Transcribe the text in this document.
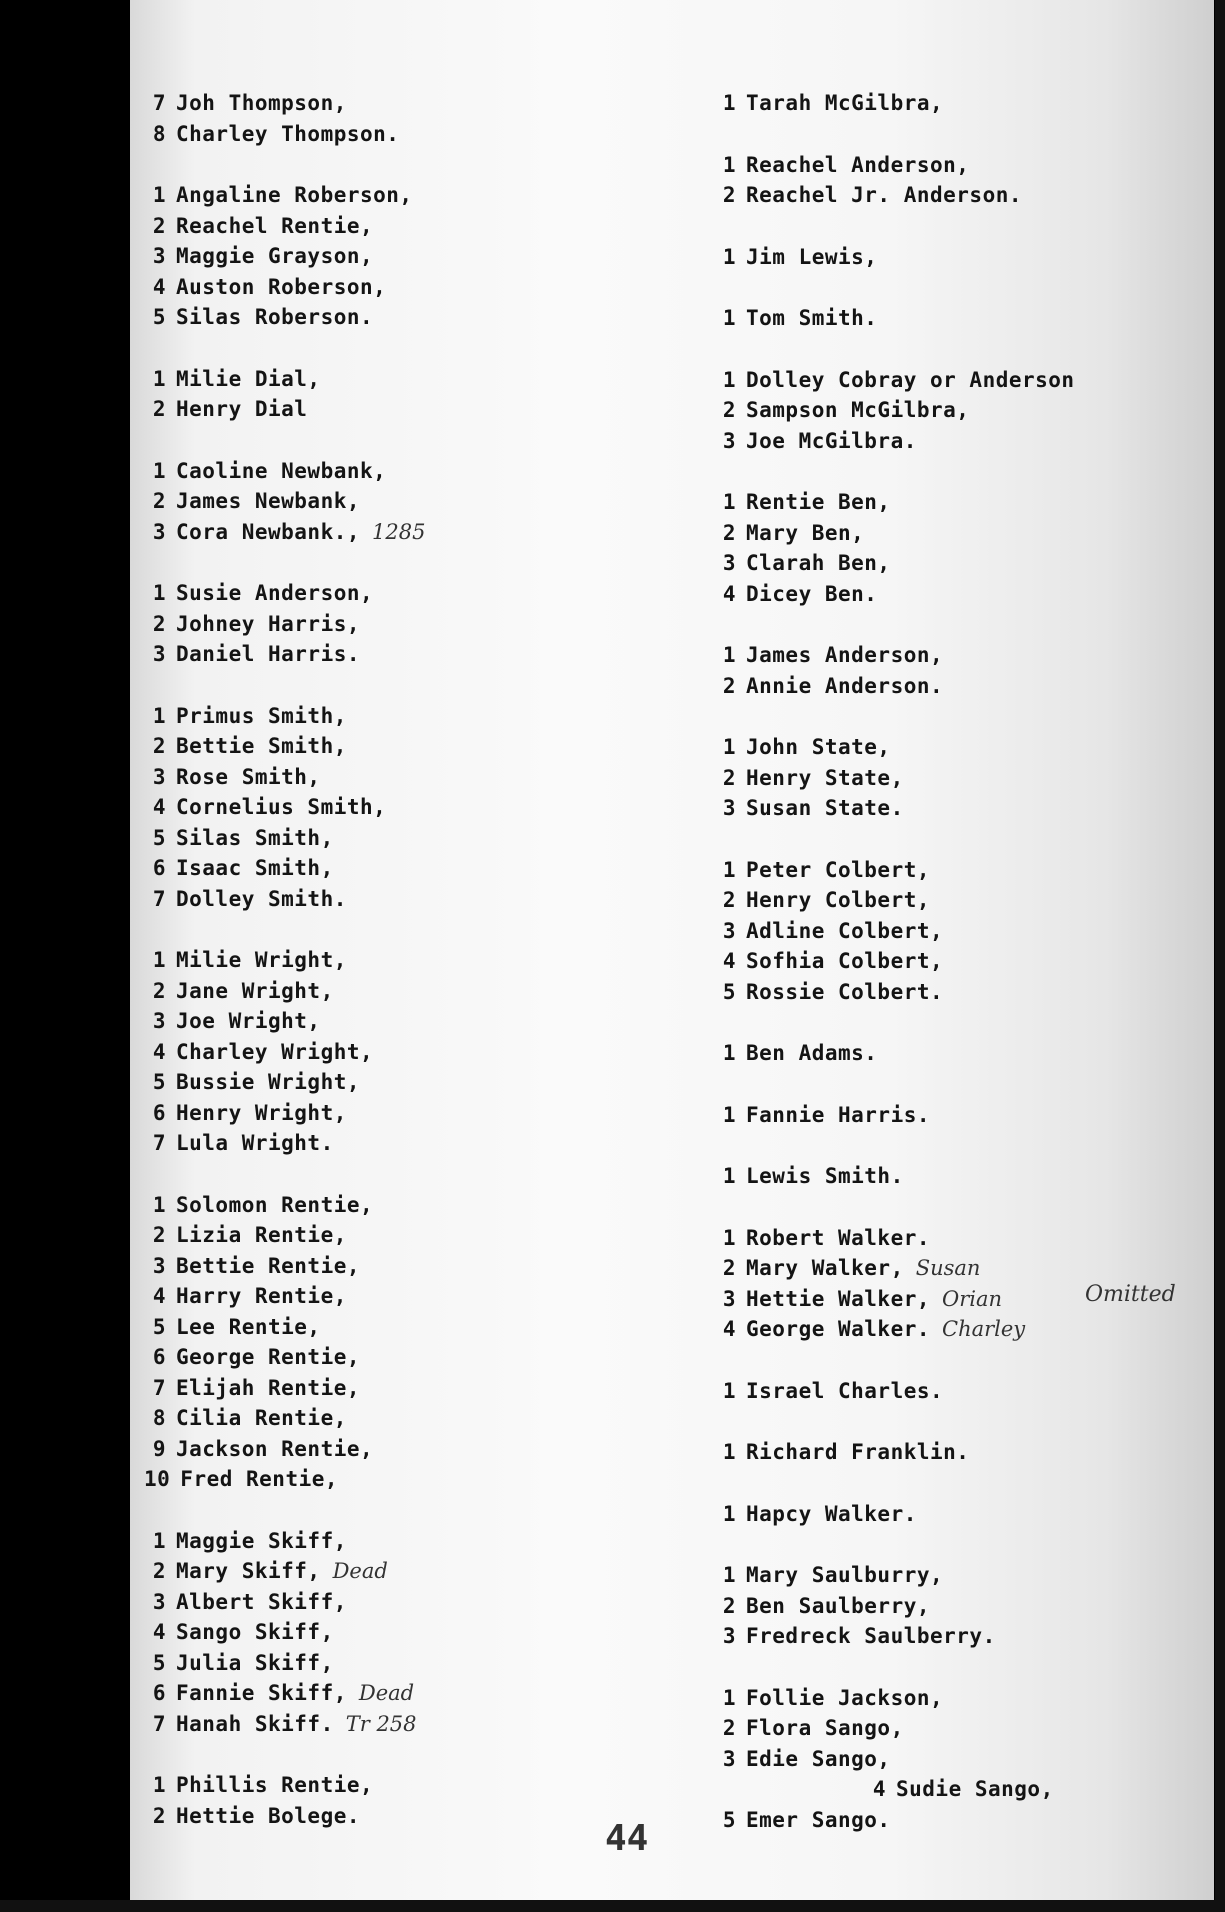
7 Joh Thompson,
8 Charley Thompson.
1 Angaline Roberson,
2 Reachel Rentie,
3 Maggie Grayson,
4 Auston Roberson,
5 Silas Roberson.
1 Milie Dial,
2 Henry Dial
1 Caoline Newbank,
2 James Newbank,
3 Cora Newbank., 1285
1 Susie Anderson,
2 Johney Harris,
3 Daniel Harris.
1 Primus Smith,
2 Bettie Smith,
3 Rose Smith,
4 Cornelius Smith,
5 Silas Smith,
6 Isaac Smith,
7 Dolley Smith.
1 Milie Wright,
2 Jane Wright,
3 Joe Wright,
4 Charley Wright,
5 Bussie Wright,
6 Henry Wright,
7 Lula Wright.
1 Solomon Rentie,
2 Lizia Rentie,
3 Bettie Rentie,
4 Harry Rentie,
5 Lee Rentie,
6 George Rentie,
7 Elijah Rentie,
8 Cilia Rentie,
9 Jackson Rentie,
10 Fred Rentie,
1 Maggie Skiff,
2 Mary Skiff, Dead
3 Albert Skiff,
4 Sango Skiff,
5 Julia Skiff,
6 Fannie Skiff, Dead
7 Hanah Skiff. Tr 258
1 Phillis Rentie,
2 Hettie Bolege.
1 Tarah McGilbra,
1 Reachel Anderson,
2 Reachel Jr. Anderson.
1 Jim Lewis,
1 Tom Smith.
1 Dolley Cobray or Anderson
2 Sampson McGilbra,
3 Joe McGilbra.
1 Rentie Ben,
2 Mary Ben,
3 Clarah Ben,
4 Dicey Ben.
1 James Anderson,
2 Annie Anderson.
1 John State,
2 Henry State,
3 Susan State.
1 Peter Colbert,
2 Henry Colbert,
3 Adline Colbert,
4 Sofhia Colbert,
5 Rossie Colbert.
1 Ben Adams.
1 Fannie Harris.
1 Lewis Smith.
1 Robert Walker.
2 Mary Walker, Susan
3 Hettie Walker, Orian
4 George Walker. Charley
1 Israel Charles.
1 Richard Franklin.
1 Hapcy Walker.
1 Mary Saulburry,
2 Ben Saulberry,
3 Fredreck Saulberry.
1 Follie Jackson,
2 Flora Sango,
3 Edie Sango,
4 Sudie Sango,
5 Emer Sango.
44
Omitted
